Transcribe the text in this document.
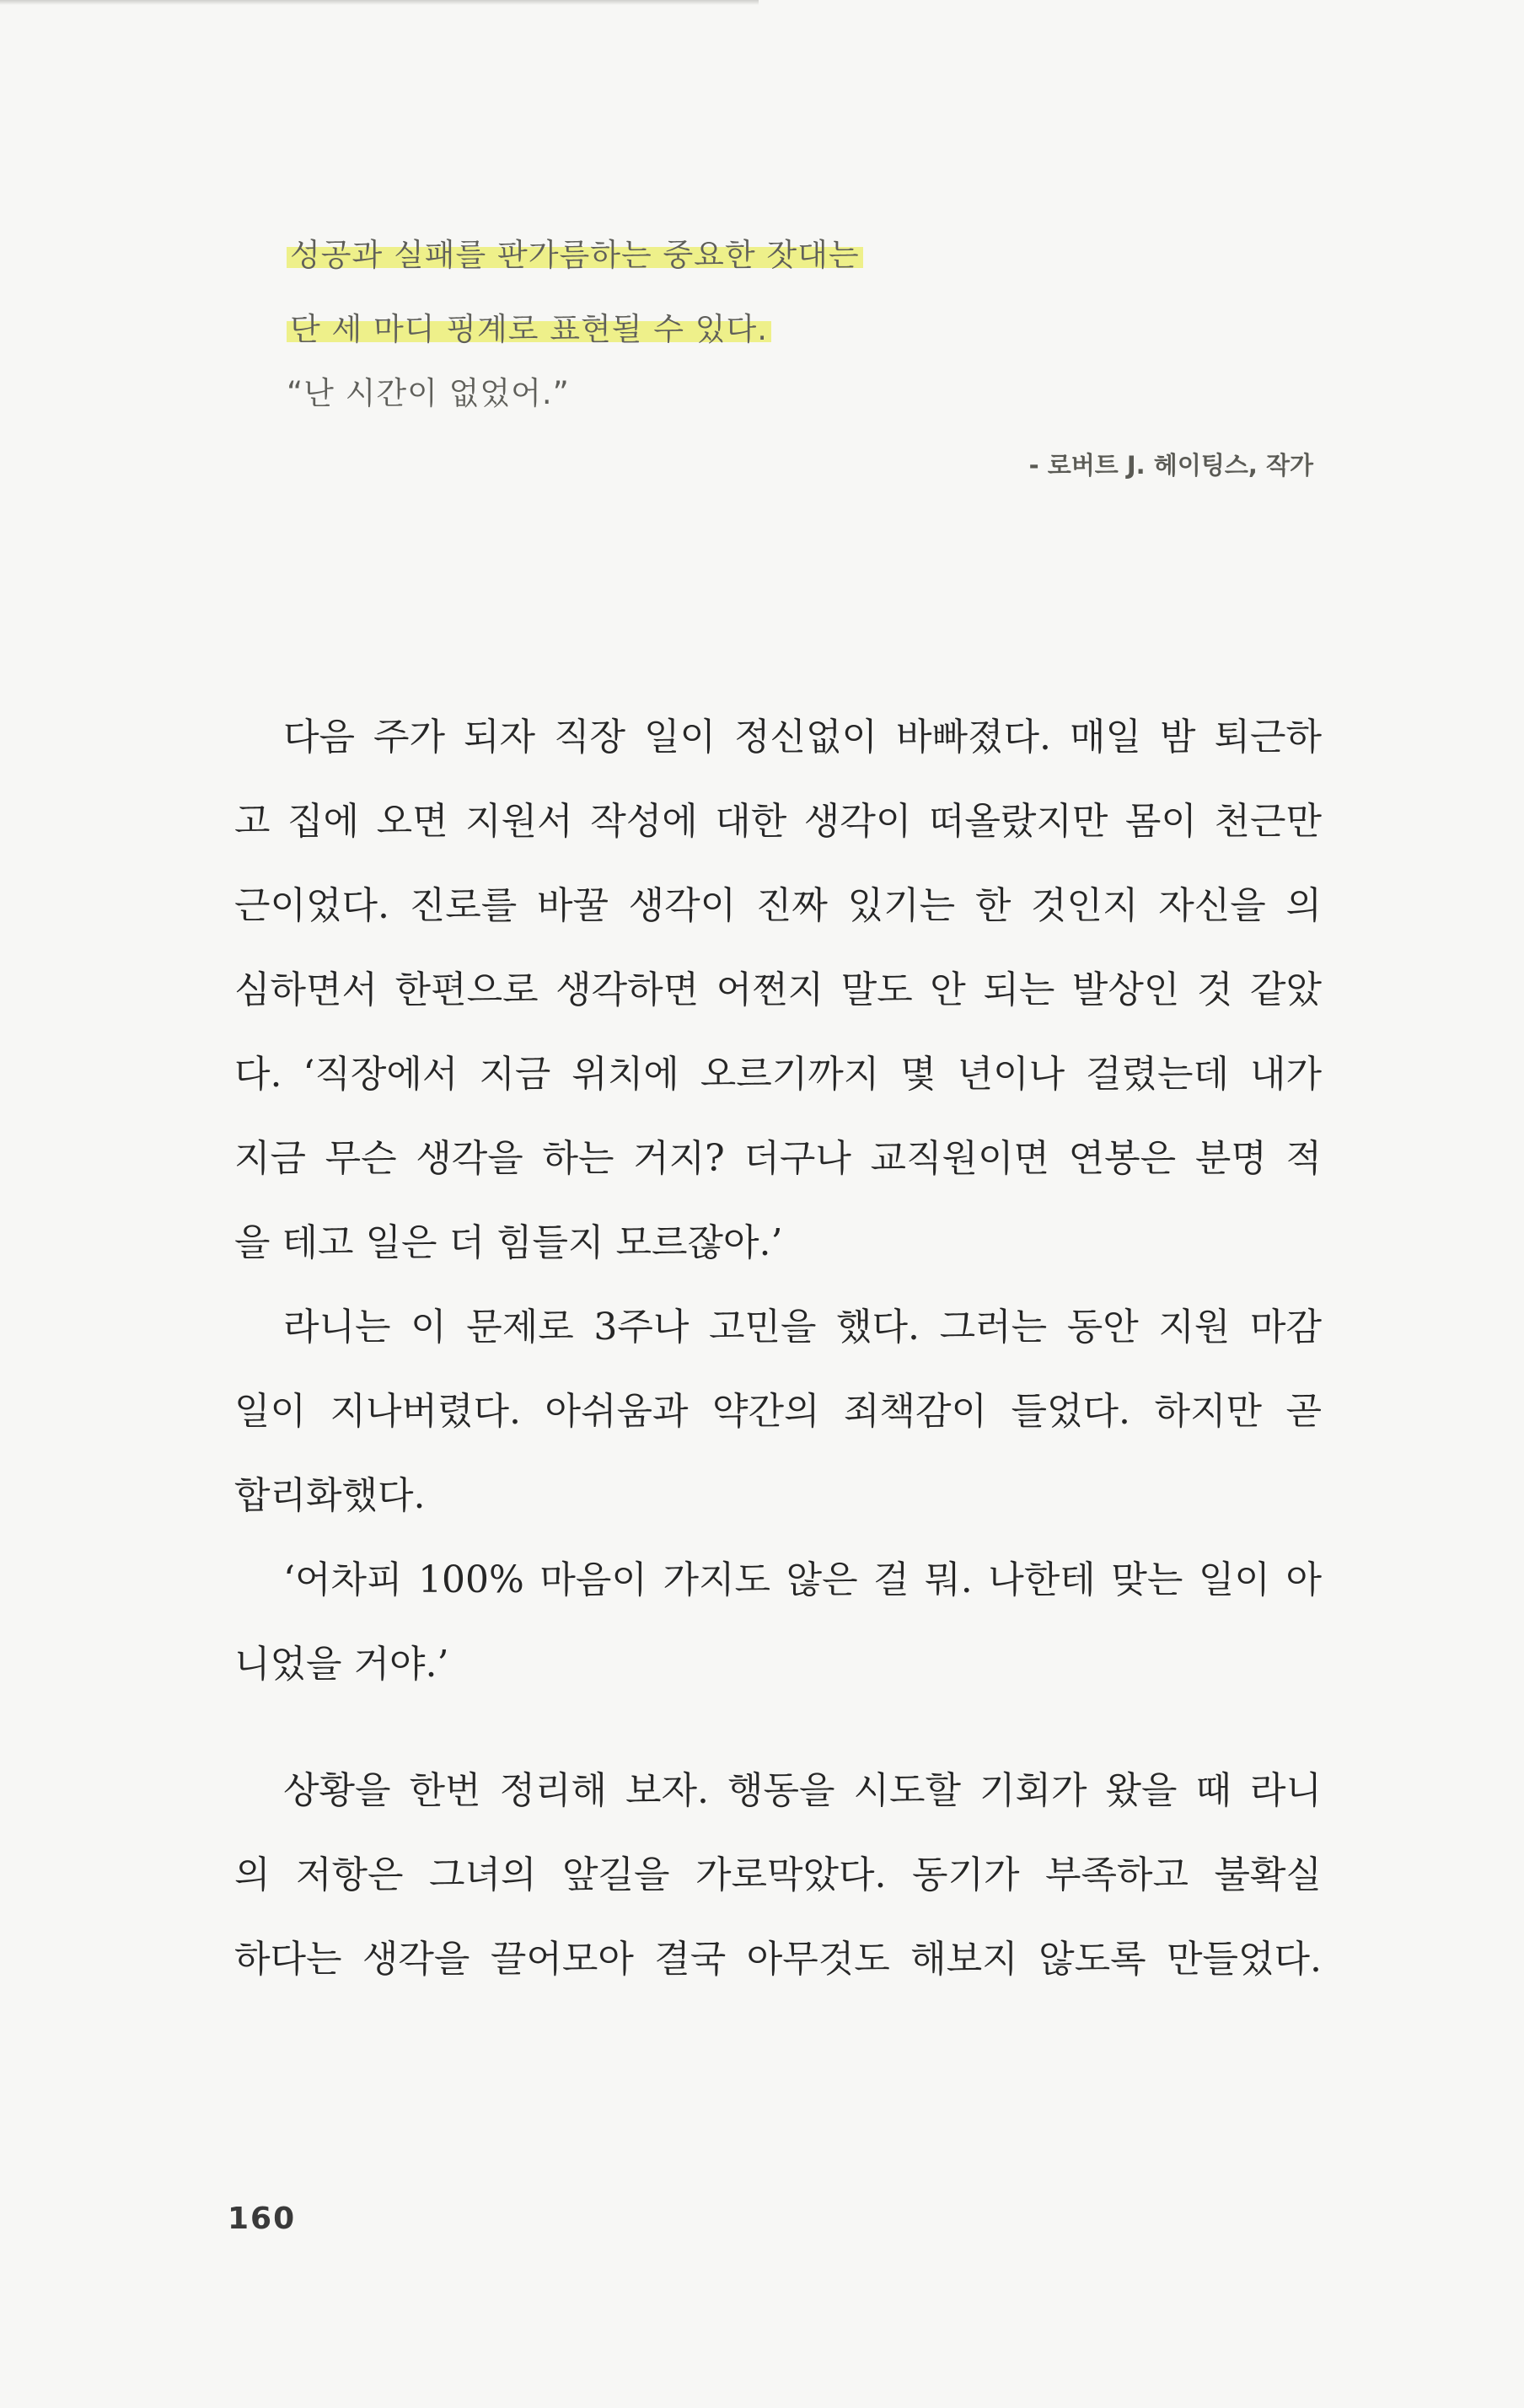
성공과 실패를 판가름하는 중요한 잣대는
단 세 마디 핑계로 표현될 수 있다.
“난 시간이 없었어.”
- 로버트 J. 헤이팅스, 작가
다음 주가 되자 직장 일이 정신없이 바빠졌다. 매일 밤 퇴근하
고 집에 오면 지원서 작성에 대한 생각이 떠올랐지만 몸이 천근만
근이었다. 진로를 바꿀 생각이 진짜 있기는 한 것인지 자신을 의
심하면서 한편으로 생각하면 어쩐지 말도 안 되는 발상인 것 같았
다. ‘직장에서 지금 위치에 오르기까지 몇 년이나 걸렸는데 내가
지금 무슨 생각을 하는 거지? 더구나 교직원이면 연봉은 분명 적
을 테고 일은 더 힘들지 모르잖아.’
라니는 이 문제로 3주나 고민을 했다. 그러는 동안 지원 마감
일이 지나버렸다. 아쉬움과 약간의 죄책감이 들었다. 하지만 곧
합리화했다.
‘어차피 100% 마음이 가지도 않은 걸 뭐. 나한테 맞는 일이 아
니었을 거야.’
상황을 한번 정리해 보자. 행동을 시도할 기회가 왔을 때 라니
의 저항은 그녀의 앞길을 가로막았다. 동기가 부족하고 불확실
하다는 생각을 끌어모아 결국 아무것도 해보지 않도록 만들었다.
160
